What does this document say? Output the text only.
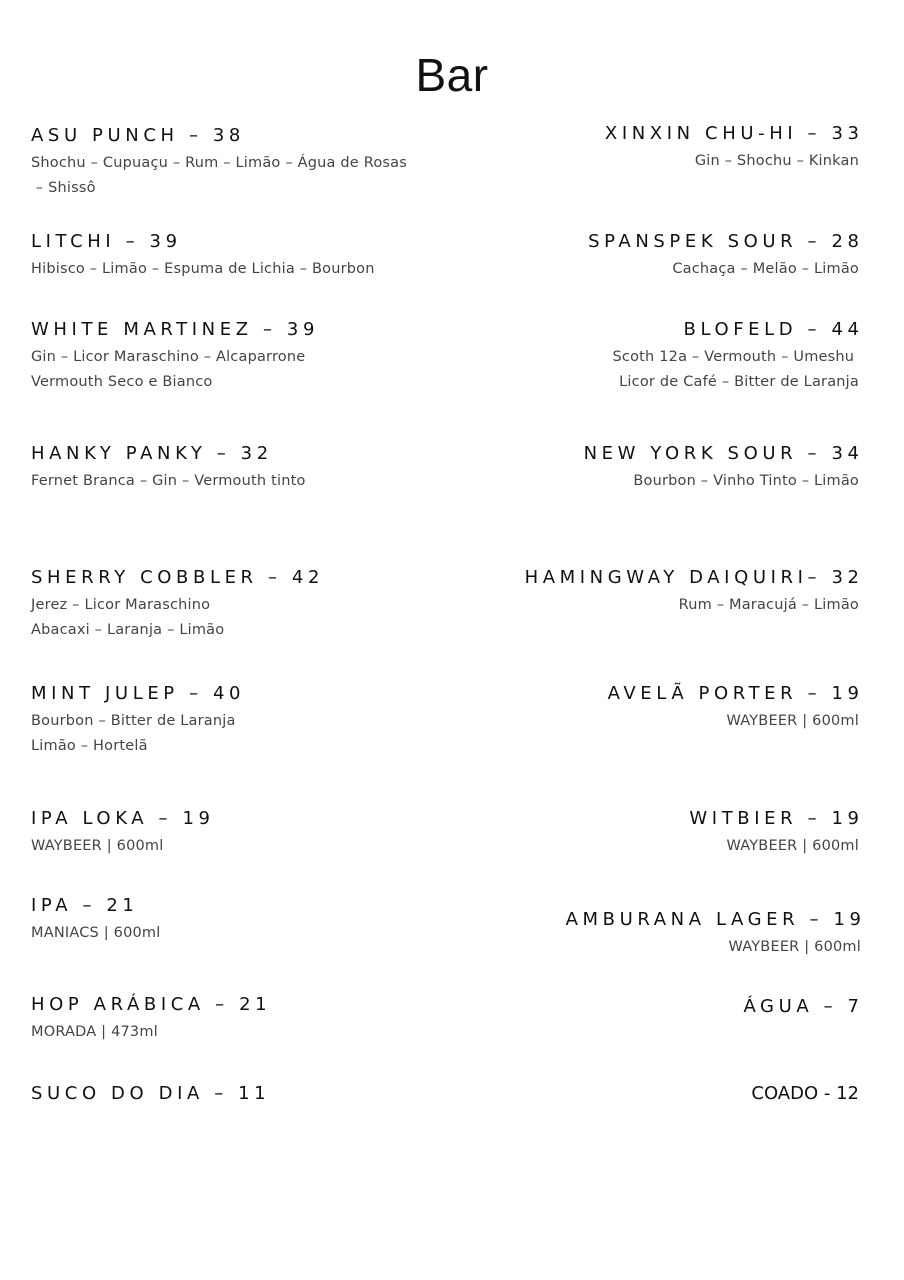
Bar
ASU PUNCH – 38
Shochu – Cupuaçu – Rum – Limão – Água de Rosas
– Shissô
LITCHI – 39
Hibisco – Limão – Espuma de Lichia – Bourbon
WHITE MARTINEZ – 39
Gin – Licor Maraschino – Alcaparrone
Vermouth Seco e Bianco
HANKY PANKY – 32
Fernet Branca – Gin – Vermouth tinto
SHERRY COBBLER – 42
Jerez – Licor Maraschino
Abacaxi – Laranja – Limão
MINT JULEP – 40
Bourbon – Bitter de Laranja
Limão – Hortelã
IPA LOKA – 19
WAYBEER | 600ml
IPA – 21
MANIACS | 600ml
HOP ARÁBICA – 21
MORADA | 473ml
SUCO DO DIA – 11
XINXIN CHU-HI – 33
Gin – Shochu – Kinkan
SPANSPEK SOUR – 28
Cachaça – Melão – Limão
BLOFELD – 44
Scoth 12a – Vermouth – Umeshu
Licor de Café – Bitter de Laranja
NEW YORK SOUR – 34
Bourbon – Vinho Tinto – Limão
HAMINGWAY DAIQUIRI– 32
Rum – Maracujá – Limão
AVELÃ PORTER – 19
WAYBEER | 600ml
WITBIER – 19
WAYBEER | 600ml
AMBURANA LAGER – 19
WAYBEER | 600ml
ÁGUA – 7
COADO - 12
